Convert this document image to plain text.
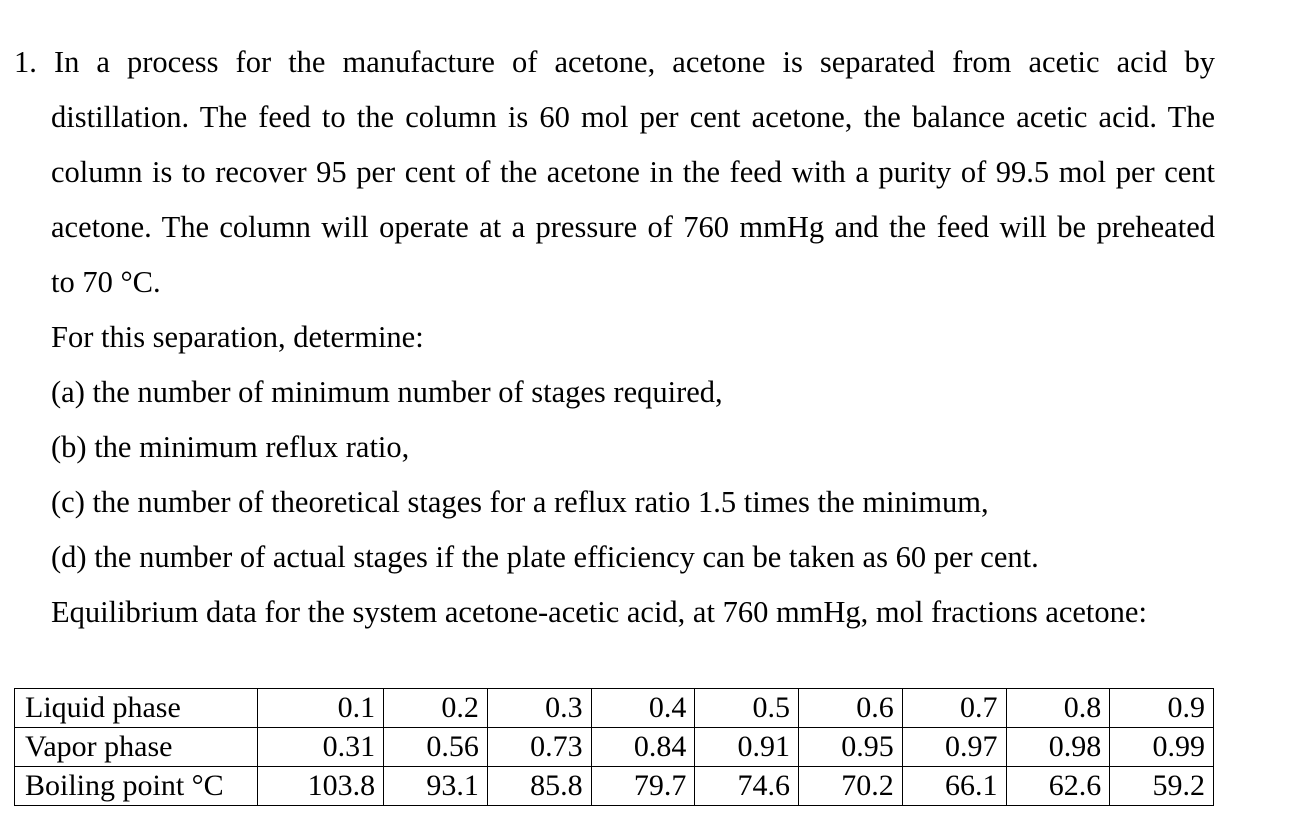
1. In a process for the manufacture of acetone, acetone is separated from acetic acid by
distillation. The feed to the column is 60 mol per cent acetone, the balance acetic acid. The
column is to recover 95 per cent of the acetone in the feed with a purity of 99.5 mol per cent
acetone. The column will operate at a pressure of 760 mmHg and the feed will be preheated
to 70 °C.
For this separation, determine:
(a) the number of minimum number of stages required,
(b) the minimum reflux ratio,
(c) the number of theoretical stages for a reflux ratio 1.5 times the minimum,
(d) the number of actual stages if the plate efficiency can be taken as 60 per cent.
Equilibrium data for the system acetone-acetic acid, at 760 mmHg, mol fractions acetone:
Liquid phase	0.1	0.2	0.3	0.4	0.5	0.6	0.7	0.8	0.9
Vapor phase	0.31	0.56	0.73	0.84	0.91	0.95	0.97	0.98	0.99
Boiling point °C	103.8	93.1	85.8	79.7	74.6	70.2	66.1	62.6	59.2
